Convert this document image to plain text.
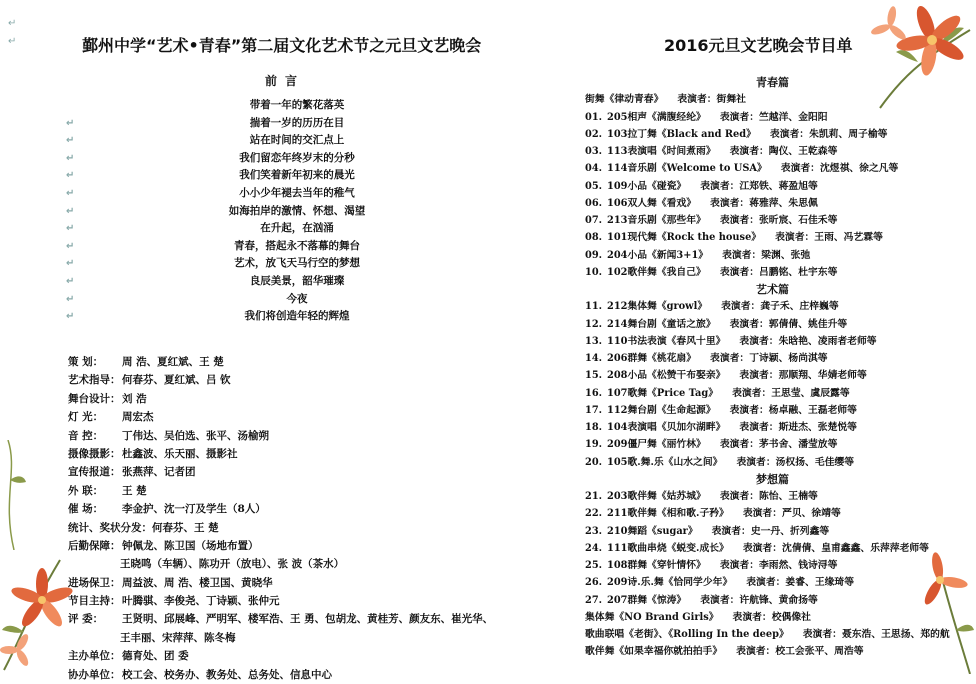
↵
↵	鄞州中学“艺术•青春”第二届文化艺术节之元旦文艺晚会
前言
带着一年的繁花落英
↵	揣着一岁的历历在目
↵	站在时间的交汇点上
↵	我们留恋年终岁末的分秒
↵	我们笑着新年初来的晨光
↵	小小少年褪去当年的稚气
↵	如海拍岸的激情、怀想、渴望
↵	在升起，在汹涌
↵	青春，搭起永不落幕的舞台
↵	艺术，放飞天马行空的梦想
↵	良辰美景，韶华璀璨
↵	今夜
↵	我们将创造年轻的辉煌
策 划： 周 浩、夏红斌、王 楚
艺术指导： 何春芬、夏红斌、吕 钦
舞台设计： 刘 浩
灯 光： 周宏杰
音 控： 丁伟达、吴伯选、张平、汤榆朔
摄像摄影： 杜鑫波、乐天丽、摄影社
宣传报道： 张燕萍、记者团
外 联： 王 楚
催 场： 李金护、沈一汀及学生（8人）
统计、奖状分发：何春芬、王 楚
后勤保障： 钟佩龙、陈卫国（场地布置）
王晓鸣（车辆）、陈功开（放电）、张 波（茶水）
进场保卫： 周益波、周 浩、楼卫国、黄晓华
节目主持： 叶腾骐、李俊尧、丁诗颖、张仲元
评 委： 王贤明、邱展峰、严明军、楼军浩、王 勇、包胡龙、黄桂芳、颜友东、崔光华、
王丰丽、宋萍萍、陈冬梅
主办单位： 德育处、团 委
协办单位： 校工会、校务办、教务处、总务处、信息中心
2016元旦文艺晚会节目单
青春篇
街舞《律动青春》 表演者：街舞社
01. 205相声《满腹经纶》 表演者：竺越洋、金阳阳
02. 103拉丁舞《Black and Red》 表演者：朱凯莉、周子榆等
03. 113表演唱《时间煮雨》 表演者：陶仪、王乾森等
04. 114音乐剧《Welcome to USA》 表演者：沈煜祺、徐之凡等
05. 109小品《碰瓷》 表演者：江郑铁、蒋盈旭等
06. 106双人舞《看戏》 表演者：蒋雅萍、朱思佩
07. 213音乐剧《那些年》 表演者：张昕宸、石佳禾等
08. 101现代舞《Rock the house》 表演者：王雨、冯艺霖等
09. 204小品《新闻3+1》 表演者：梁渊、张弛
10. 102歌伴舞《我自己》 表演者：吕鹏铭、杜宇东等
艺术篇
11. 212集体舞《growl》 表演者：龚子禾、庄梓巍等
12. 214舞台剧《童话之旅》 表演者：郭倩倩、姚佳升等
13. 110书法表演《春风十里》 表演者：朱晗艳、凌雨者老师等
14. 206群舞《桃花扇》 表演者：丁诗颖、杨尚淇等
15. 208小品《松赞干布娶亲》 表演者：那顺翔、华婧老师等
16. 107歌舞《Price Tag》 表演者：王思莹、虞辰露等
17. 112舞台剧《生命起源》 表演者：杨卓融、王磊老师等
18. 104表演唱《贝加尔湖畔》 表演者：斯进杰、张楚悦等
19. 209僵尸舞《丽竹林》 表演者：茅书舍、潘莹放等
20. 105歌.舞.乐《山水之间》 表演者：汤权扬、毛佳缨等
梦想篇
21. 203歌伴舞《姑苏城》 表演者：陈怡、王楠等
22. 211歌伴舞《相和歌.子矜》 表演者：严贝、徐靖等
23. 210舞蹈《sugar》 表演者：史一丹、折列鑫等
24. 111歌曲串烧《蜕变.成长》 表演者：沈倩倩、皇甫鑫鑫、乐萍萍老师等
25. 108群舞《穿针情怀》 表演者：李雨然、钱诗浔等
26. 209诗.乐.舞《恰同学少年》 表演者：姜睿、王缘琦等
27. 207群舞《惊涛》 表演者：许航锋、黄俞扬等
集体舞《NO Brand Girls》 表演者：校偶像社
歌曲联唱《老街》、《Rolling In the deep》 表演者：聂东浩、王思扬、郑的航
歌伴舞《如果幸福你就拍拍手》 表演者：校工会张平、周浩等
